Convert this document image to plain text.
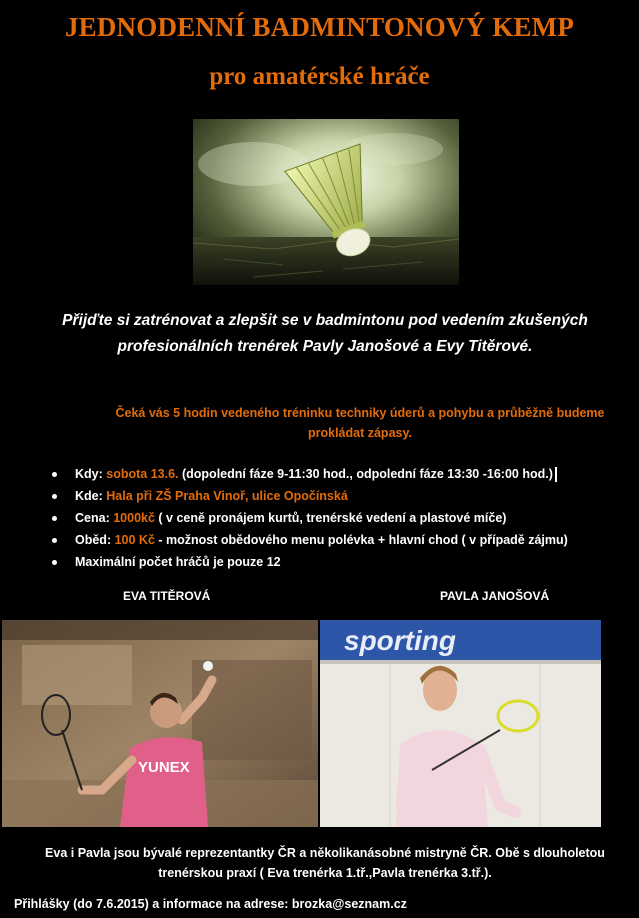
JEDNODENNÍ BADMINTONOVÝ KEMP
pro amatérské hráče
Přijďte si zatrénovat a zlepšit se v badmintonu pod vedením zkušených
profesionálních trenérek Pavly Janošové a Evy Titěrové.
Čeká vás 5 hodin vedeného tréninku techniky úderů a pohybu a průběžně budeme
prokládat zápasy.
Kdy: sobota 13.6. (dopolední fáze 9-11:30 hod., odpolední fáze 13:30 -16:00 hod.)
Kde: Hala při ZŠ Praha Vinoř, ulice Opočínská
Cena: 1000kč ( v ceně pronájem kurtů, trenérské vedení a plastové míče)
Oběd: 100 Kč - možnost obědového menu polévka + hlavní chod ( v případě zájmu)
Maximální počet hráčů je pouze 12
EVA TITĚROVÁ	PAVLA JANOŠOVÁ
YUNEX
sporting
Eva i Pavla jsou bývalé reprezentantky ČR a několikanásobné mistryně ČR. Obě s dlouholetou
trenérskou praxí ( Eva trenérka 1.tř.,Pavla trenérka 3.tř.).
Přihlášky (do 7.6.2015) a informace na adrese: brozka@seznam.cz
